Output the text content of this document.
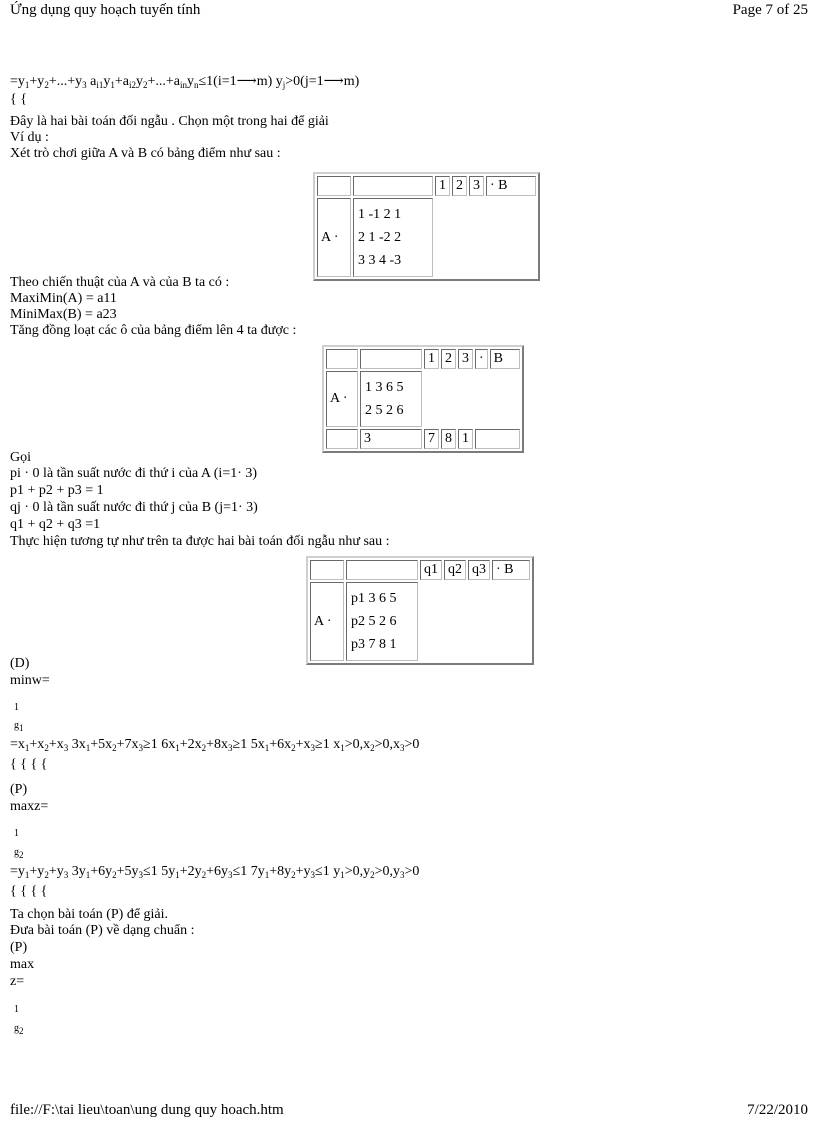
Ứng dụng quy hoạch tuyến tính	Page 7 of 25
$=y_1+y_2+...+y_3$ $a_{i1}y_1+a_{i2}y_2+...+a_{in}y_n\le 1(i=1⟶m)$ $y_j>0(j=1⟶m)$
{ {
Đây là hai bài toán đối ngẫu . Chọn một trong hai để giải
Ví dụ :
Xét trò chơi giữa A và B có bảng điểm như sau :
		1	2	3	· B
A ·	1 -1 2 1
2 1 -2 2
3 3 4 -3				

Theo chiến thuật của A và của B ta có :
MaxiMin(A) = a11
MiniMax(B) = a23
Tăng đồng loạt các ô của bảng điểm lên 4 ta được :
		1	2	3	·	B
A ·	1 3 6 5
2 5 2 6					

	3	7	8	1		
Gọi
pi · 0 là tần suất nước đi thứ i của A (i=1· 3)
p1 + p2 + p3 = 1
qj · 0 là tần suất nước đi thứ j của B (j=1· 3)
q1 + q2 + q3 =1
Thực hiện tương tự như trên ta được hai bài toán đối ngẫu như sau :
		q1	q2	q3	· B
A ·	p1 3 6 5
p2 5 2 6
p3 7 8 1				

(D)
minw=
1
$g_1$
$=x_1+x_2+x_3$ $3x_1+5x_2+7x_3\ge 1$ $6x_1+2x_2+8x_3\ge 1$ $5x_1+6x_2+x_3\ge 1$ $x_1>0,x_2>0,x_3>0$
{ { { {
(P)
maxz=
1
$g_2$
$=y_1+y_2+y_3$ $3y_1+6y_2+5y_3\le 1$ $5y_1+2y_2+6y_3\le 1$ $7y_1+8y_2+y_3\le 1$ $y_1>0,y_2>0,y_3>0$
{ { { {
Ta chọn bài toán (P) để giải.
Đưa bài toán (P) về dạng chuẩn :
(P)
max
z=
1
$g_2$
file://F:\tai lieu\toan\ung dung quy hoach.htm	7/22/2010
